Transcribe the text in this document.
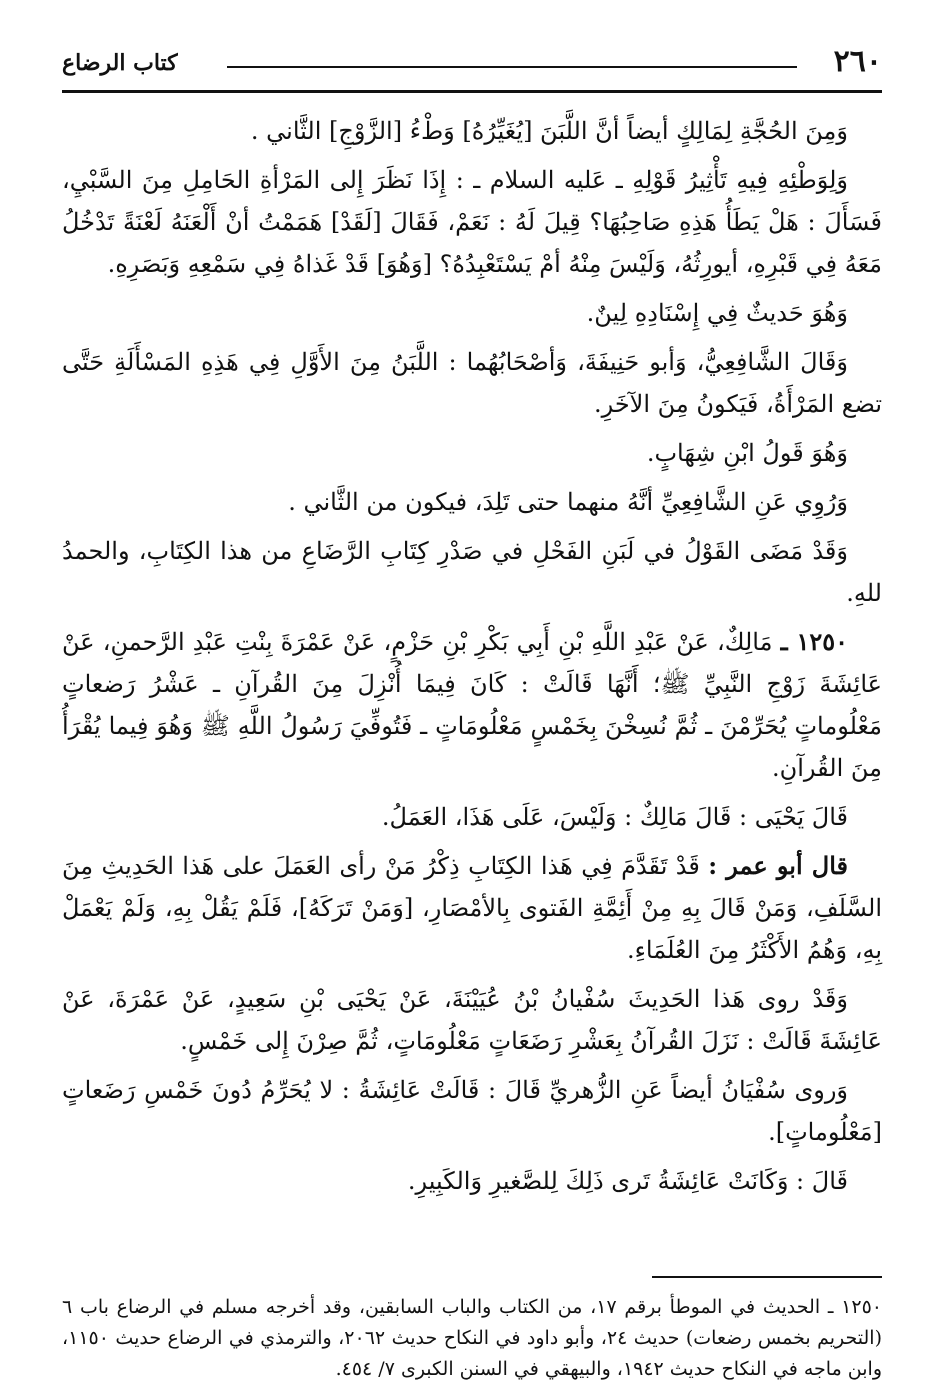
٢٦٠
كتاب الرضاع

وَمِنَ الحُجَّةِ لِمَالِكٍ أيضاً أنَّ اللَّبَنَ [يُغَيِّرُهُ] وَطْءُ [الزَّوْجِ] الثَّاني .

وَلِوَطْئِهِ فِيهِ تَأْثِيرُ قَوْلِهِ ـ عَليه السلام ـ : إِذَا نَظَرَ إِلى المَرْأةِ الحَامِلِ مِنَ السَّبْيِ، فَسَأَلَ : هَلْ يَطَأُ هَذِهِ صَاحِبُهَا؟ قِيلَ لَهُ : نَعَمْ، فَقَالَ [لَقَدْ] هَمَمْتُ أنْ أَلْعَنَهُ لَعْنَةً تَدْخُلُ مَعَهُ فِي قَبْرِهِ، أيورِثُهُ، وَلَيْسَ مِنْهُ أمْ يَسْتَعْبِدُهُ؟ [وَهُوَ] قَدْ غَذاهُ فِي سَمْعِهِ وَبَصَرِهِ.

وَهُوَ حَديثٌ فِي إِسْنَادِهِ لِينٌ.

وَقَالَ الشَّافِعِيُّ، وَأبو حَنِيفَةَ، وَأصْحَابُهُما : اللَّبَنُ مِنَ الأَوَّلِ فِي هَذِهِ المَسْأَلَةِ حَتَّى تضع المَرْأَةُ، فَيَكونُ مِنَ الآخَرِ.

وَهُوَ قَولُ ابْنِ شِهَابٍ.

وَرُوِي عَنِ الشَّافِعِيِّ أنَّهُ منهما حتى تَلِدَ، فيكون من الثَّاني .

وَقَدْ مَضَى القَوْلُ في لَبَنِ الفَحْلِ في صَدْرِ كِتَابِ الرَّضَاعِ من هذا الكِتَابِ، والحمدُ للهِ.

١٢٥٠ ـ مَالِكٌ، عَنْ عَبْدِ اللَّهِ بْنِ أَبِي بَكْرِ بْنِ حَزْمٍ، عَنْ عَمْرَةَ بِنْتِ عَبْدِ الرَّحمنِ، عَنْ عَائِشَةَ زَوْجِ النَّبِيِّ ﷺ؛ أَنَّهَا قَالَتْ : كَانَ فِيمَا أُنْزِلَ مِنَ القُرآنِ ـ عَشْرُ رَضعاتٍ مَعْلُوماتٍ يُحَرِّمْنَ ـ ثُمَّ نُسِخْنَ بِخَمْسٍ مَعْلُومَاتٍ ـ فَتُوفِّيَ رَسُولُ اللَّهِ ﷺ وَهُوَ فِيما يُقْرَأُ مِنَ القُرآنِ.

قَالَ يَحْيَى : قَالَ مَالِكٌ : وَلَيْسَ، عَلَى هَذَا، العَمَلُ.

قال أبو عمر : قَدْ تَقَدَّمَ فِي هَذا الكِتَابِ ذِكْرُ مَنْ رأى العَمَلَ على هَذا الحَدِيثِ مِنَ السَّلَفِ، وَمَنْ قَالَ بِهِ مِنْ أَئِمَّةِ الفَتوى بِالأمْصَارِ، [وَمَنْ تَرَكَهُ]، فَلَمْ يَقُلْ بِهِ، وَلَمْ يَعْمَلْ بِهِ، وَهُمُ الأَكْثَرُ مِنَ العُلَمَاءِ.

وَقَدْ روى هَذا الحَدِيثَ سُفْيانُ بْنُ عُيَيْنَةَ، عَنْ يَحْيَى بْنِ سَعِيدٍ، عَنْ عَمْرَةَ، عَنْ عَائِشَةَ قَالَتْ : نَزَلَ القُرآنُ بِعَشْرِ رَضَعَاتٍ مَعْلُومَاتٍ، ثُمَّ صِرْنَ إِلى خَمْسٍ.

وَروى سُفْيَانُ أيضاً عَنِ الزُّهريِّ قَالَ : قَالَتْ عَائِشَةُ : لا يُحَرِّمُ دُونَ خَمْسِ رَضَعاتٍ [مَعْلُوماتٍ].

قَالَ : وَكَانَتْ عَائِشَةُ تَرى ذَلِكَ لِلصَّغيرِ وَالكَبِيرِ.

١٢٥٠ ـ الحديث في الموطأ برقم ١٧، من الكتاب والباب السابقين، وقد أخرجه مسلم في الرضاع باب ٦ (التحريم بخمس رضعات) حديث ٢٤، وأبو داود في النكاح حديث ٢٠٦٢، والترمذي في الرضاع حديث ١١٥٠، وابن ماجه في النكاح حديث ١٩٤٢، والبيهقي في السنن الكبرى ٧/ ٤٥٤.
